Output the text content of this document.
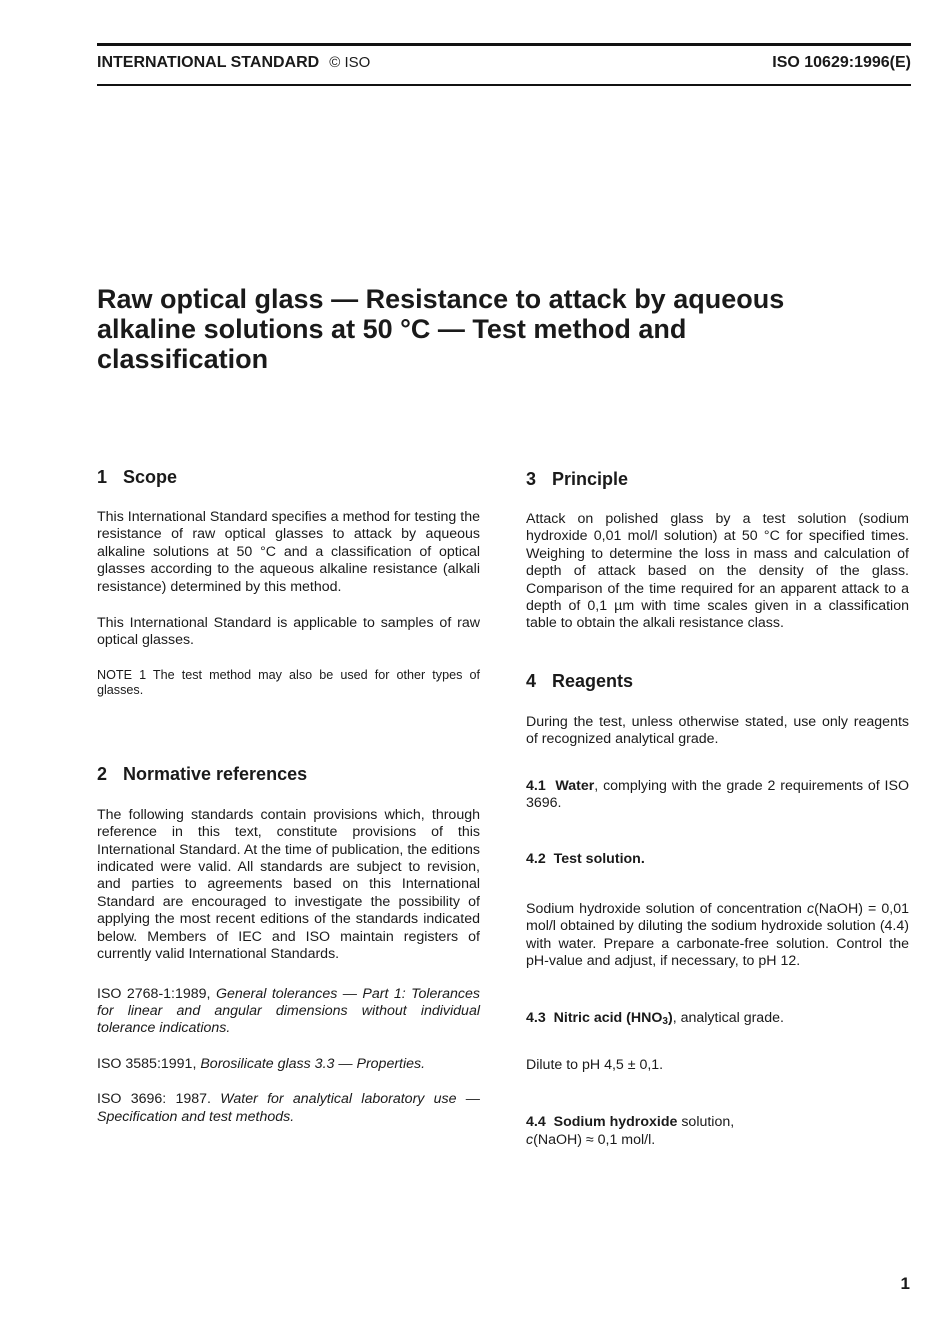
INTERNATIONAL STANDARD © ISO	ISO 10629:1996(E)
Raw optical glass — Resistance to attack by aqueous alkaline solutions at 50 °C — Test method and classification
1 Scope

This International Standard specifies a method for testing the resistance of raw optical glasses to attack by aqueous alkaline solutions at 50 °C and a classification of optical glasses according to the aqueous alkaline resistance (alkali resistance) determined by this method.

This International Standard is applicable to samples of raw optical glasses.

NOTE 1 The test method may also be used for other types of glasses.

2 Normative references

The following standards contain provisions which, through reference in this text, constitute provisions of this International Standard. At the time of publication, the editions indicated were valid. All standards are subject to revision, and parties to agreements based on this International Standard are encouraged to investigate the possibility of applying the most recent editions of the standards indicated below. Members of IEC and ISO maintain registers of currently valid International Standards.

ISO 2768-1:1989, General tolerances — Part 1: Tolerances for linear and angular dimensions without individual tolerance indications.

ISO 3585:1991, Borosilicate glass 3.3 — Properties.

ISO 3696: 1987. Water for analytical laboratory use — Specification and test methods.

3 Principle

Attack on polished glass by a test solution (sodium hydroxide 0,01 mol/l solution) at 50 °C for specified times. Weighing to determine the loss in mass and calculation of depth of attack based on the density of the glass. Comparison of the time required for an apparent attack to a depth of 0,1 µm with time scales given in a classification table to obtain the alkali resistance class.

4 Reagents

During the test, unless otherwise stated, use only reagents of recognized analytical grade.

4.1 Water, complying with the grade 2 requirements of ISO 3696.

4.2 Test solution.

Sodium hydroxide solution of concentration c(NaOH) = 0,01 mol/l obtained by diluting the sodium hydroxide solution (4.4) with water. Prepare a carbonate-free solution. Control the pH-value and adjust, if necessary, to pH 12.

4.3 Nitric acid $(HNO_3)$, analytical grade.

Dilute to pH 4,5 ± 0,1.

4.4 Sodium hydroxide solution,
c(NaOH) ≈ 0,1 mol/l.

1
